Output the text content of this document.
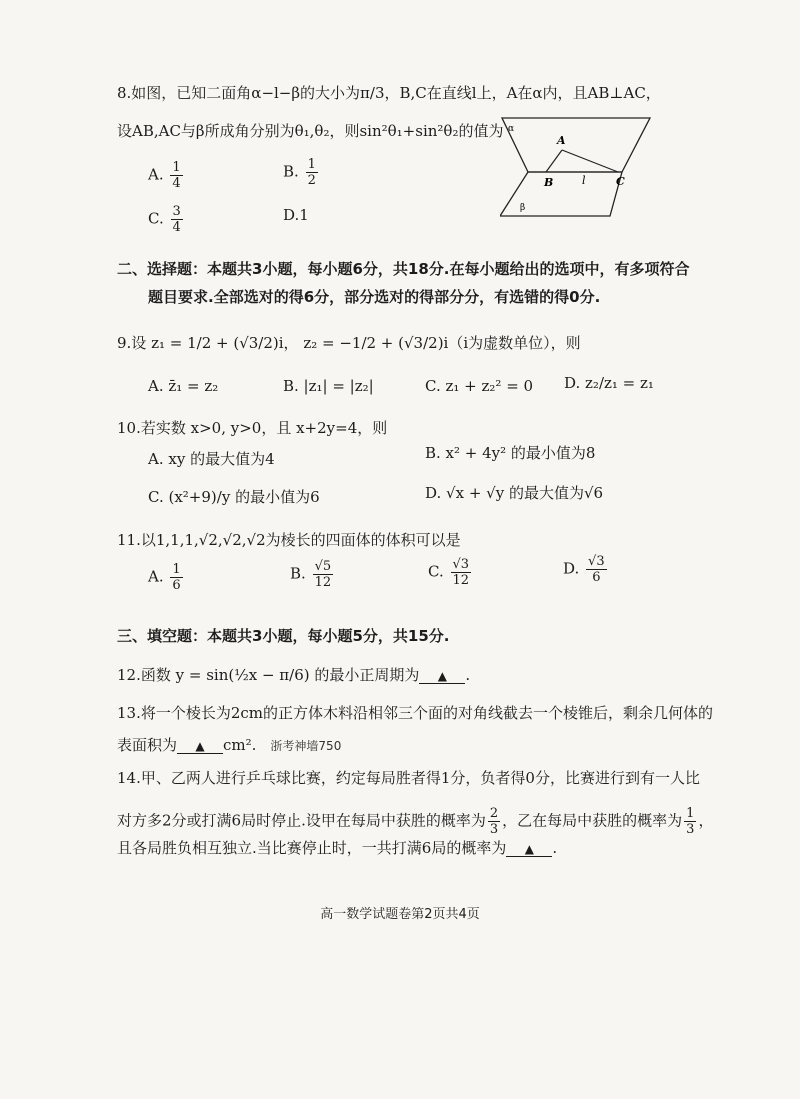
8.如图，已知二面角α−l−β的大小为π/3，B,C在直线l上，A在α内，且AB⊥AC，
设AB,AC与β所成角分别为θ₁,θ₂，则sin²θ₁+sin²θ₂的值为
A. $\frac{1}{4}$	B. $\frac{1}{2}$
C. $\frac{3}{4}$	D.1
α
β
A
B	l	C
二、选择题：本题共3小题，每小题6分，共18分.在每小题给出的选项中，有多项符合
题目要求.全部选对的得6分，部分选对的得部分分，有选错的得0分.
9.设 z₁ = 1/2 + (√3/2)i， z₂ = −1/2 + (√3/2)i（i为虚数单位），则
A. z̄₁ = z₂	B. |z₁| = |z₂|	C. z₁ + z₂² = 0 D. z₂/z₁ = z₁
10.若实数 x>0, y>0，且 x+2y=4，则
A. xy 的最大值为4	B. x² + 4y² 的最小值为8
C. (x²+9)/y 的最小值为6	D. √x + √y 的最大值为√6
11.以1,1,1,√2,√2,√2为棱长的四面体的体积可以是
A. $\frac{1}{6}$	B. $\frac{√5}{12}$	C. $\frac{√3}{12}$	D. $\frac{√3}{6}$
三、填空题：本题共3小题，每小题5分，共15分.
12.函数 y = sin(½x − π/6) 的最小正周期为 ▲ .
13.将一个棱长为2cm的正方体木料沿相邻三个面的对角线截去一个棱锥后，剩余几何体的
表面积为 ▲ cm². 浙考神墙750
14.甲、乙两人进行乒乓球比赛，约定每局胜者得1分，负者得0分，比赛进行到有一人比
对方多2分或打满6局时停止.设甲在每局中获胜的概率为 $\frac{2}{3}$ ，乙在每局中获胜的概率为 $\frac{1}{3}$ ，
且各局胜负相互独立.当比赛停止时，一共打满6局的概率为 ▲ .
高一数学试题卷第2页共4页
